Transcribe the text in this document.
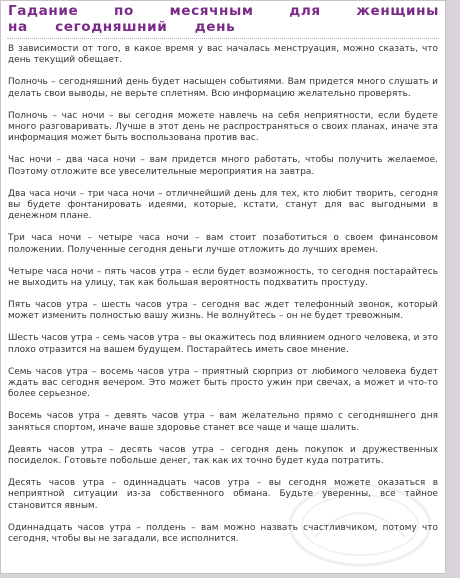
Гадание по месячным для женщины на сегодняшний день

В зависимости от того, в какое время у вас началась менструация, можно сказать, что день текущий обещает.

Полночь – сегодняшний день будет насыщен событиями. Вам придется много слушать и делать свои выводы, не верьте сплетням. Всю информацию желательно проверять.

Полночь – час ночи – вы сегодня можете навлечь на себя неприятности, если будете много разговаривать. Лучше в этот день не распространяться о своих планах, иначе эта информация может быть воспользована против вас.

Час ночи – два часа ночи – вам придется много работать, чтобы получить желаемое. Поэтому отложите все увеселительные мероприятия на завтра.

Два часа ночи – три часа ночи – отличнейший день для тех, кто любит творить, сегодня вы будете фонтанировать идеями, которые, кстати, станут для вас выгодными в денежном плане.

Три часа ночи – четыре часа ночи – вам стоит позаботиться о своем финансовом положении. Полученные сегодня деньги лучше отложить до лучших времен.

Четыре часа ночи – пять часов утра – если будет возможность, то сегодня постарайтесь не выходить на улицу, так как большая вероятность подхватить простуду.

Пять часов утра – шесть часов утра – сегодня вас ждет телефонный звонок, который может изменить полностью вашу жизнь. Не волнуйтесь – он не будет тревожным.

Шесть часов утра – семь часов утра – вы окажитесь под влиянием одного человека, и это плохо отразится на вашем будущем. Постарайтесь иметь свое мнение.

Семь часов утра – восемь часов утра – приятный сюрприз от любимого человека будет ждать вас сегодня вечером. Это может быть просто ужин при свечах, а может и что-то более серьезное.

Восемь часов утра – девять часов утра – вам желательно прямо с сегодняшнего дня заняться спортом, иначе ваше здоровье станет все чаще и чаще шалить.

Девять часов утра – десять часов утра – сегодня день покупок и дружественных посиделок. Готовьте побольше денег, так как их точно будет куда потратить.

Десять часов утра – одиннадцать часов утра – вы сегодня можете оказаться в неприятной ситуации из-за собственного обмана. Будьте уверенны, все тайное становится явным.

Одиннадцать часов утра – полдень – вам можно назвать счастливчиком, потому что сегодня, чтобы вы не загадали, все исполнится.
